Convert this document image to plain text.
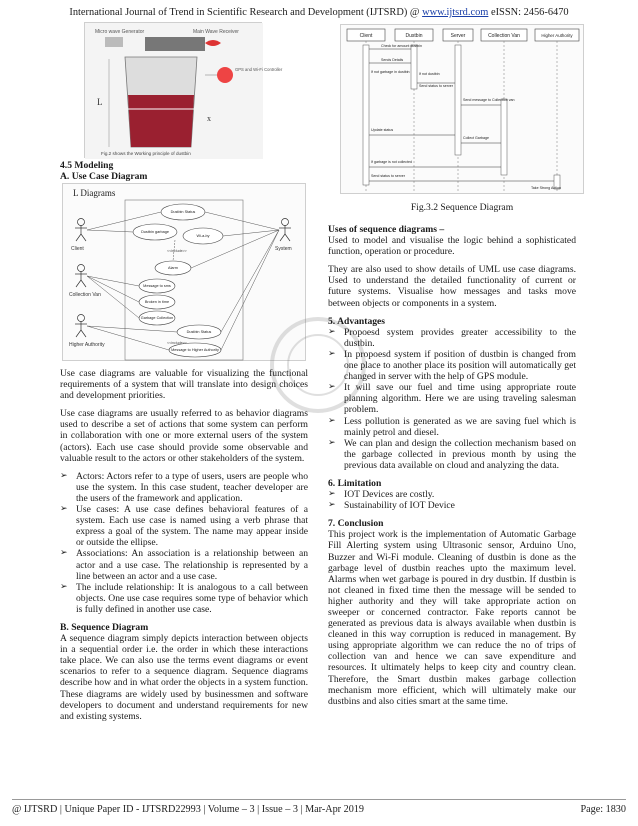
International Journal of Trend in Scientific Research and Development (IJTSRD) @ www.ijtsrd.com eISSN: 2456-6470
Micro wave Generator	Main Wave Receiver
GPS and Wi-Fi Controller
L
x
Fig.2 shows the Working principle of dustbin
4.5 Modeling
A. Use Case Diagram
L Diagrams
Client
Collection Van
Higher Authority
System
Dustbin Status
Dustbin garbage
Wi-a-by
Alarm
Message to sms
Broken in time
Garbage Collection
Dustbin Status
Message to Higher Authority
<<include>>
<<include>>
Client	Dustbin	Server	Collection Van	Higher Authority
Check for amount dustbin
Sends Details
If not garbage in dustbin	If not dustbin
Send status to server
Send message to Collection van
Update status
Collect Garbage
If garbage is not collected
Send status to server
Take Strong Action
Fig.3.2 Sequence Diagram

Use case diagrams are valuable for visualizing the functional requirements of a system that will translate into design choices and development priorities.

Use case diagrams are usually referred to as behavior diagrams used to describe a set of actions that some system can perform in collaboration with one or more external users of the system (actors). Each use case should provide some observable and valuable result to the actors or other stakeholders of the system.

➢ Actors: Actors refer to a type of users, users are people who use the system. In this case student, teacher developer are the users of the framework and application.
➢ Use cases: A use case defines behavioral features of a system. Each use case is named using a verb phrase that express a goal of the system. The name may appear inside or outside the ellipse.
➢ Associations: An association is a relationship between an actor and a use case. The relationship is represented by a line between an actor and a use case.
➢ The include relationship: It is analogous to a call between objects. One use case requires some type of behavior which is fully defined in another use case.
B. Sequence Diagram

A sequence diagram simply depicts interaction between objects in a sequential order i.e. the order in which these interactions take place. We can also use the terms event diagrams or event scenarios to refer to a sequence diagram. Sequence diagrams describe how and in what order the objects in a system function. These diagrams are widely used by businessmen and software developers to document and understand requirements for new and existing systems.

Uses of sequence diagrams –

Used to model and visualise the logic behind a sophisticated function, operation or procedure.

They are also used to show details of UML use case diagrams. Used to understand the detailed functionality of current or future systems. Visualise how messages and tasks move between objects or components in a system.

5. Advantages
➢ Propoesd system provides greater accessibility to the dustbin.
➢ In propoesd system if position of dustbin is changed from one place to another place its position will automatically get changed in server with the help of GPS module.
➢ It will save our fuel and time using appropriate route planning algorithm. Here we are using traveling salesman problem.
➢ Less pollution is generated as we are saving fuel which is mainly petrol and diesel.
➢ We can plan and design the collection mechanism based on the garbage collected in previous month by using the previous data available on cloud and analyzing the data.
6. Limitation
➢ IOT Devices are costly.
➢ Sustainability of IOT Device
7. Conclusion

This project work is the implementation of Automatic Garbage Fill Alerting system using Ultrasonic sensor, Arduino Uno, Buzzer and Wi-Fi module. Cleaning of dustbin is done as the garbage level of dustbin reaches upto the maximum level. Alarms when wet garbage is poured in dry dustbin. If dustbin is not cleaned in fixed time then the message will be sended to higher authority and they will take appropriate action on sweeper or concerned contractor. Fake reports cannot be generated as previous data is always available when dustbin is cleaned in this way corruption is reduced in management. By using appropriate algorithm we can reduce the no of trips of collection van and hence we can save expenditure and resources. It ultimately helps to keep city and country clean. Therefore, the Smart dustbin makes garbage collection mechanism more efficient, which will ultimately make our dustbins and also cities smart at the same time.

@ IJTSRD | Unique Paper ID - IJTSRD22993 | Volume – 3 | Issue – 3 | Mar-Apr 2019	Page: 1830
